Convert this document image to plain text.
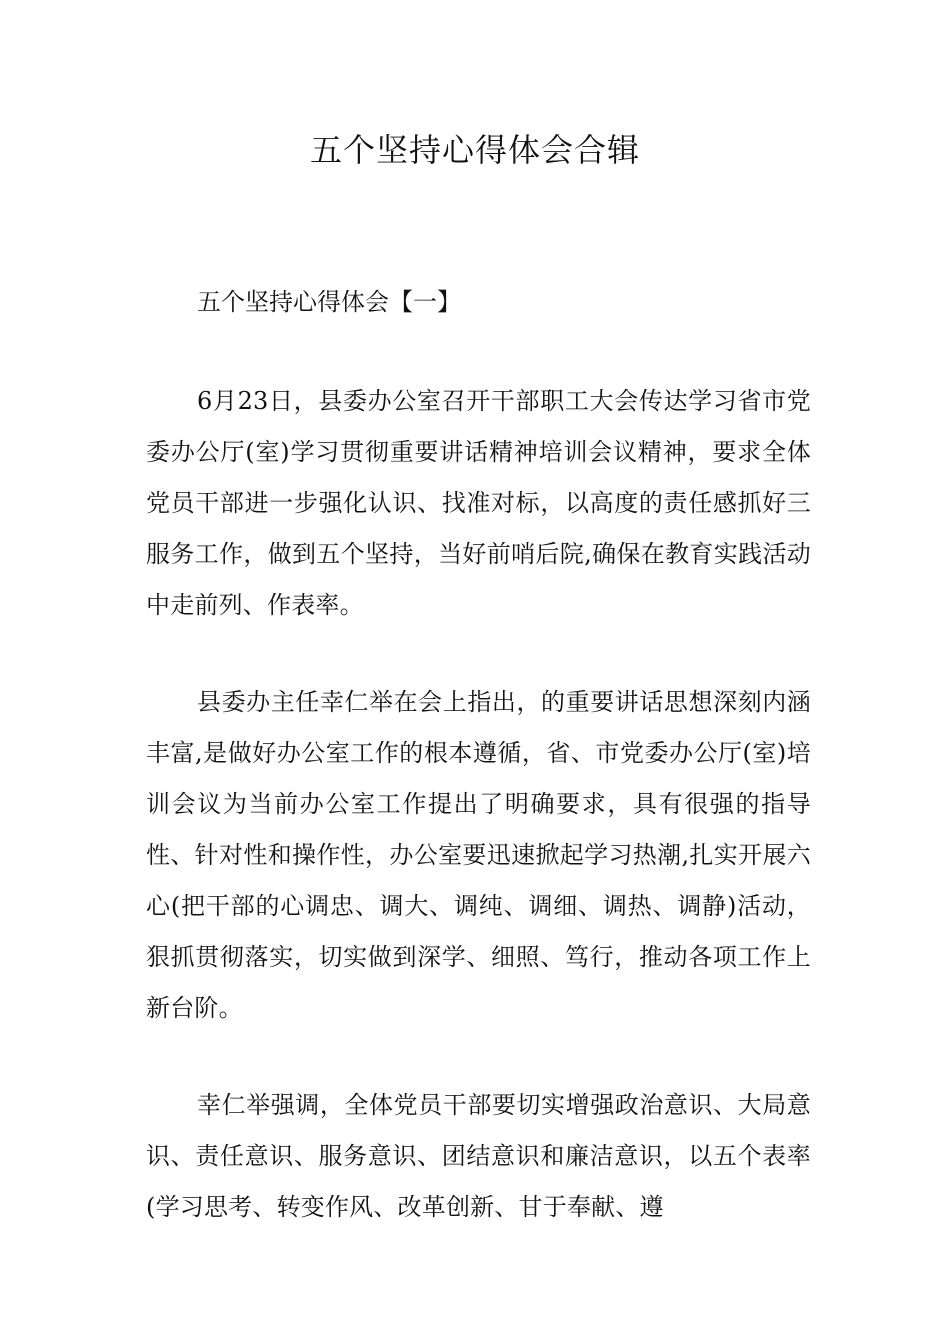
五个坚持心得体会合辑
五个坚持心得体会【一】

6月23日，县委办公室召开干部职工大会传达学习省市党委办公厅(室)学习贯彻重要讲话精神培训会议精神，要求全体党员干部进一步强化认识、找准对标，以高度的责任感抓好三服务工作，做到五个坚持，当好前哨后院,确保在教育实践活动中走前列、作表率。

县委办主任幸仁举在会上指出，的重要讲话思想深刻内涵丰富,是做好办公室工作的根本遵循，省、市党委办公厅(室)培训会议为当前办公室工作提出了明确要求，具有很强的指导性、针对性和操作性，办公室要迅速掀起学习热潮,扎实开展六心(把干部的心调忠、调大、调纯、调细、调热、调静)活动，狠抓贯彻落实，切实做到深学、细照、笃行，推动各项工作上新台阶。

幸仁举强调，全体党员干部要切实增强政治意识、大局意识、责任意识、服务意识、团结意识和廉洁意识，以五个表率(学习思考、转变作风、改革创新、甘于奉献、遵
